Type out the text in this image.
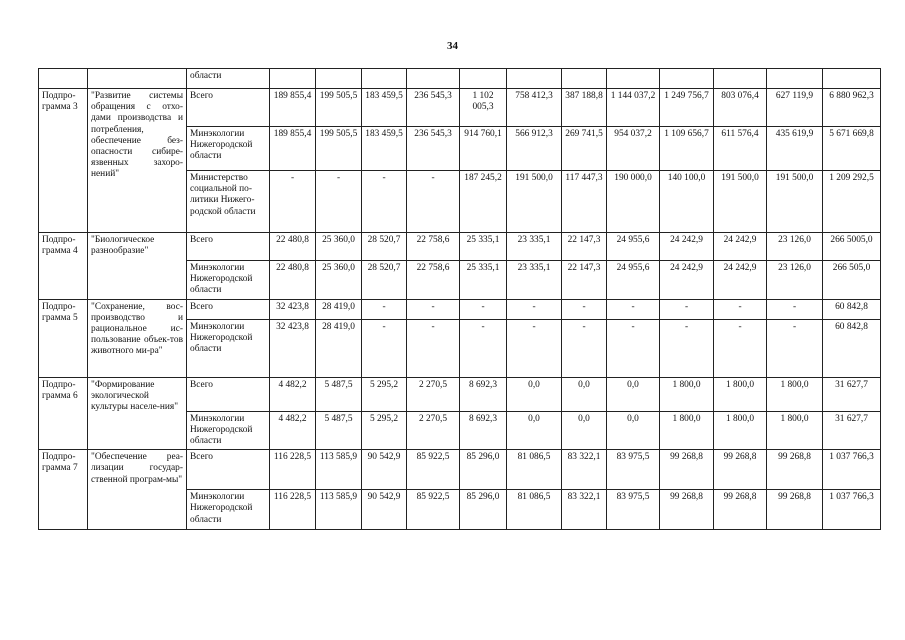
34
		области												
Подпро-грамма 3	"Развитие системы обращения с отхо-дами производства и потребления, обеспечение без-опасности сибире-язвенных захоро-нений"	Всего	189 855,4	199 505,5	183 459,5	236 545,3	1 102 005,3	758 412,3	387 188,8	1 144 037,2	1 249 756,7	803 076,4	627 119,9	6 880 962,3
		Минэкологии Нижегородской области	189 855,4	199 505,5	183 459,5	236 545,3	914 760,1	566 912,3	269 741,5	954 037,2	1 109 656,7	611 576,4	435 619,9	5 671 669,8
		Министерство социальной по-литики Нижего-родской области	-	-	-	-	187 245,2	191 500,0	117 447,3	190 000,0	140 100,0	191 500,0	191 500,0	1 209 292,5
Подпро-грамма 4	"Биологическое разнообразие"	Всего	22 480,8	25 360,0	28 520,7	22 758,6	25 335,1	23 335,1	22 147,3	24 955,6	24 242,9	24 242,9	23 126,0	266 5005,0
		Минэкологии Нижегородской области	22 480,8	25 360,0	28 520,7	22 758,6	25 335,1	23 335,1	22 147,3	24 955,6	24 242,9	24 242,9	23 126,0	266 505,0
Подпро-грамма 5	"Сохранение, вос-производство и рациональное ис-пользование объек-тов животного ми-ра"	Всего	32 423,8	28 419,0	-	-	-	-	-	-	-	-	-	60 842,8
		Минэкологии Нижегородской области	32 423,8	28 419,0	-	-	-	-	-	-	-	-	-	60 842,8
Подпро-грамма 6	"Формирование экологической культуры населе-ния"	Всего	4 482,2	5 487,5	5 295,2	2 270,5	8 692,3	0,0	0,0	0,0	1 800,0	1 800,0	1 800,0	31 627,7
		Минэкологии Нижегородской области	4 482,2	5 487,5	5 295,2	2 270,5	8 692,3	0,0	0,0	0,0	1 800,0	1 800,0	1 800,0	31 627,7
Подпро-грамма 7	"Обеспечение реа-лизации государ-ственной програм-мы"	Всего	116 228,5	113 585,9	90 542,9	85 922,5	85 296,0	81 086,5	83 322,1	83 975,5	99 268,8	99 268,8	99 268,8	1 037 766,3
		Минэкологии Нижегородской области	116 228,5	113 585,9	90 542,9	85 922,5	85 296,0	81 086,5	83 322,1	83 975,5	99 268,8	99 268,8	99 268,8	1 037 766,3
